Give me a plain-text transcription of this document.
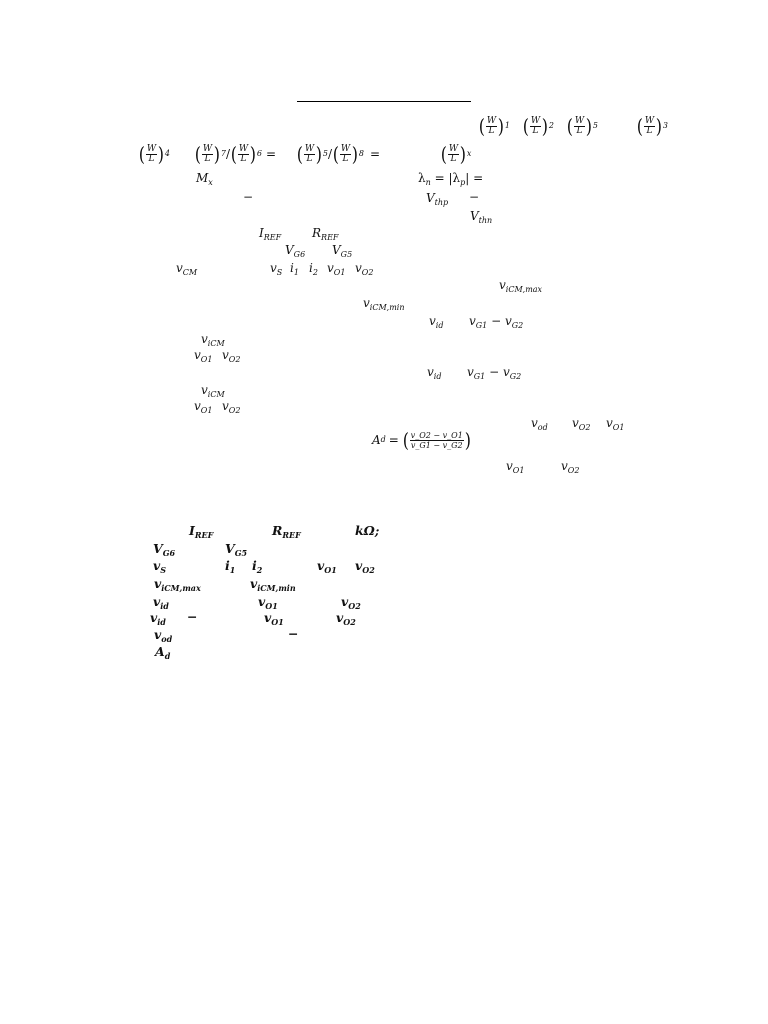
( $\frac{W}{L}$ ) 1 ( $\frac{W}{L}$ ) 2 ( $\frac{W}{L}$ ) 5 ( $\frac{W}{L}$ ) 3
( $\frac{W}{L}$ ) 4 ( $\frac{W}{L}$ ) 7 / ( $\frac{W}{L}$ ) 6 = ( $\frac{W}{L}$ ) 5 / ( $\frac{W}{L}$ ) 8 =	( $\frac{W}{L}$ ) x
$M_x$	$\lambda_n = |\lambda_p|$ =
−	$V_{thp}$ −
$V_{thn}$
$I_{REF}$	$R_{REF}$
$V_{G6}$ $V_{G5}$
$v_{CM}$	$v_S$ $i_1$ $i_2$ $v_{O1}$ $v_{O2}$
$v_{iCM,max}$
$v_{iCM,min}$
$v_{id}$ $v_{G1} - v_{G2}$
$v_{iCM}$
$v_{O1}$ $v_{O2}$
$v_{id}$ $v_{G1} - v_{G2}$
$v_{iCM}$
$v_{O1}$ $v_{O2}$
$v_{od}$ $v_{O2}$ $v_{O1}$
A d = ( $\frac{v\_O2 - v\_O1}{v\_G1 - v\_G2}$ )
$v_{O1}$	$v_{O2}$
$I_{REF}$	$R_{REF}$	kΩ;
$V_{G6}$	$V_{G5}$
$v_S$	$i_1$ $i_2$	$v_{O1}$ $v_{O2}$
$v_{iCM,max}$	$v_{iCM,min}$
$v_{id}$	$v_{O1}$	$v_{O2}$
$v_{id}$ −	$v_{O1}$	$v_{O2}$
$v_{od}$	−
$A_d$
